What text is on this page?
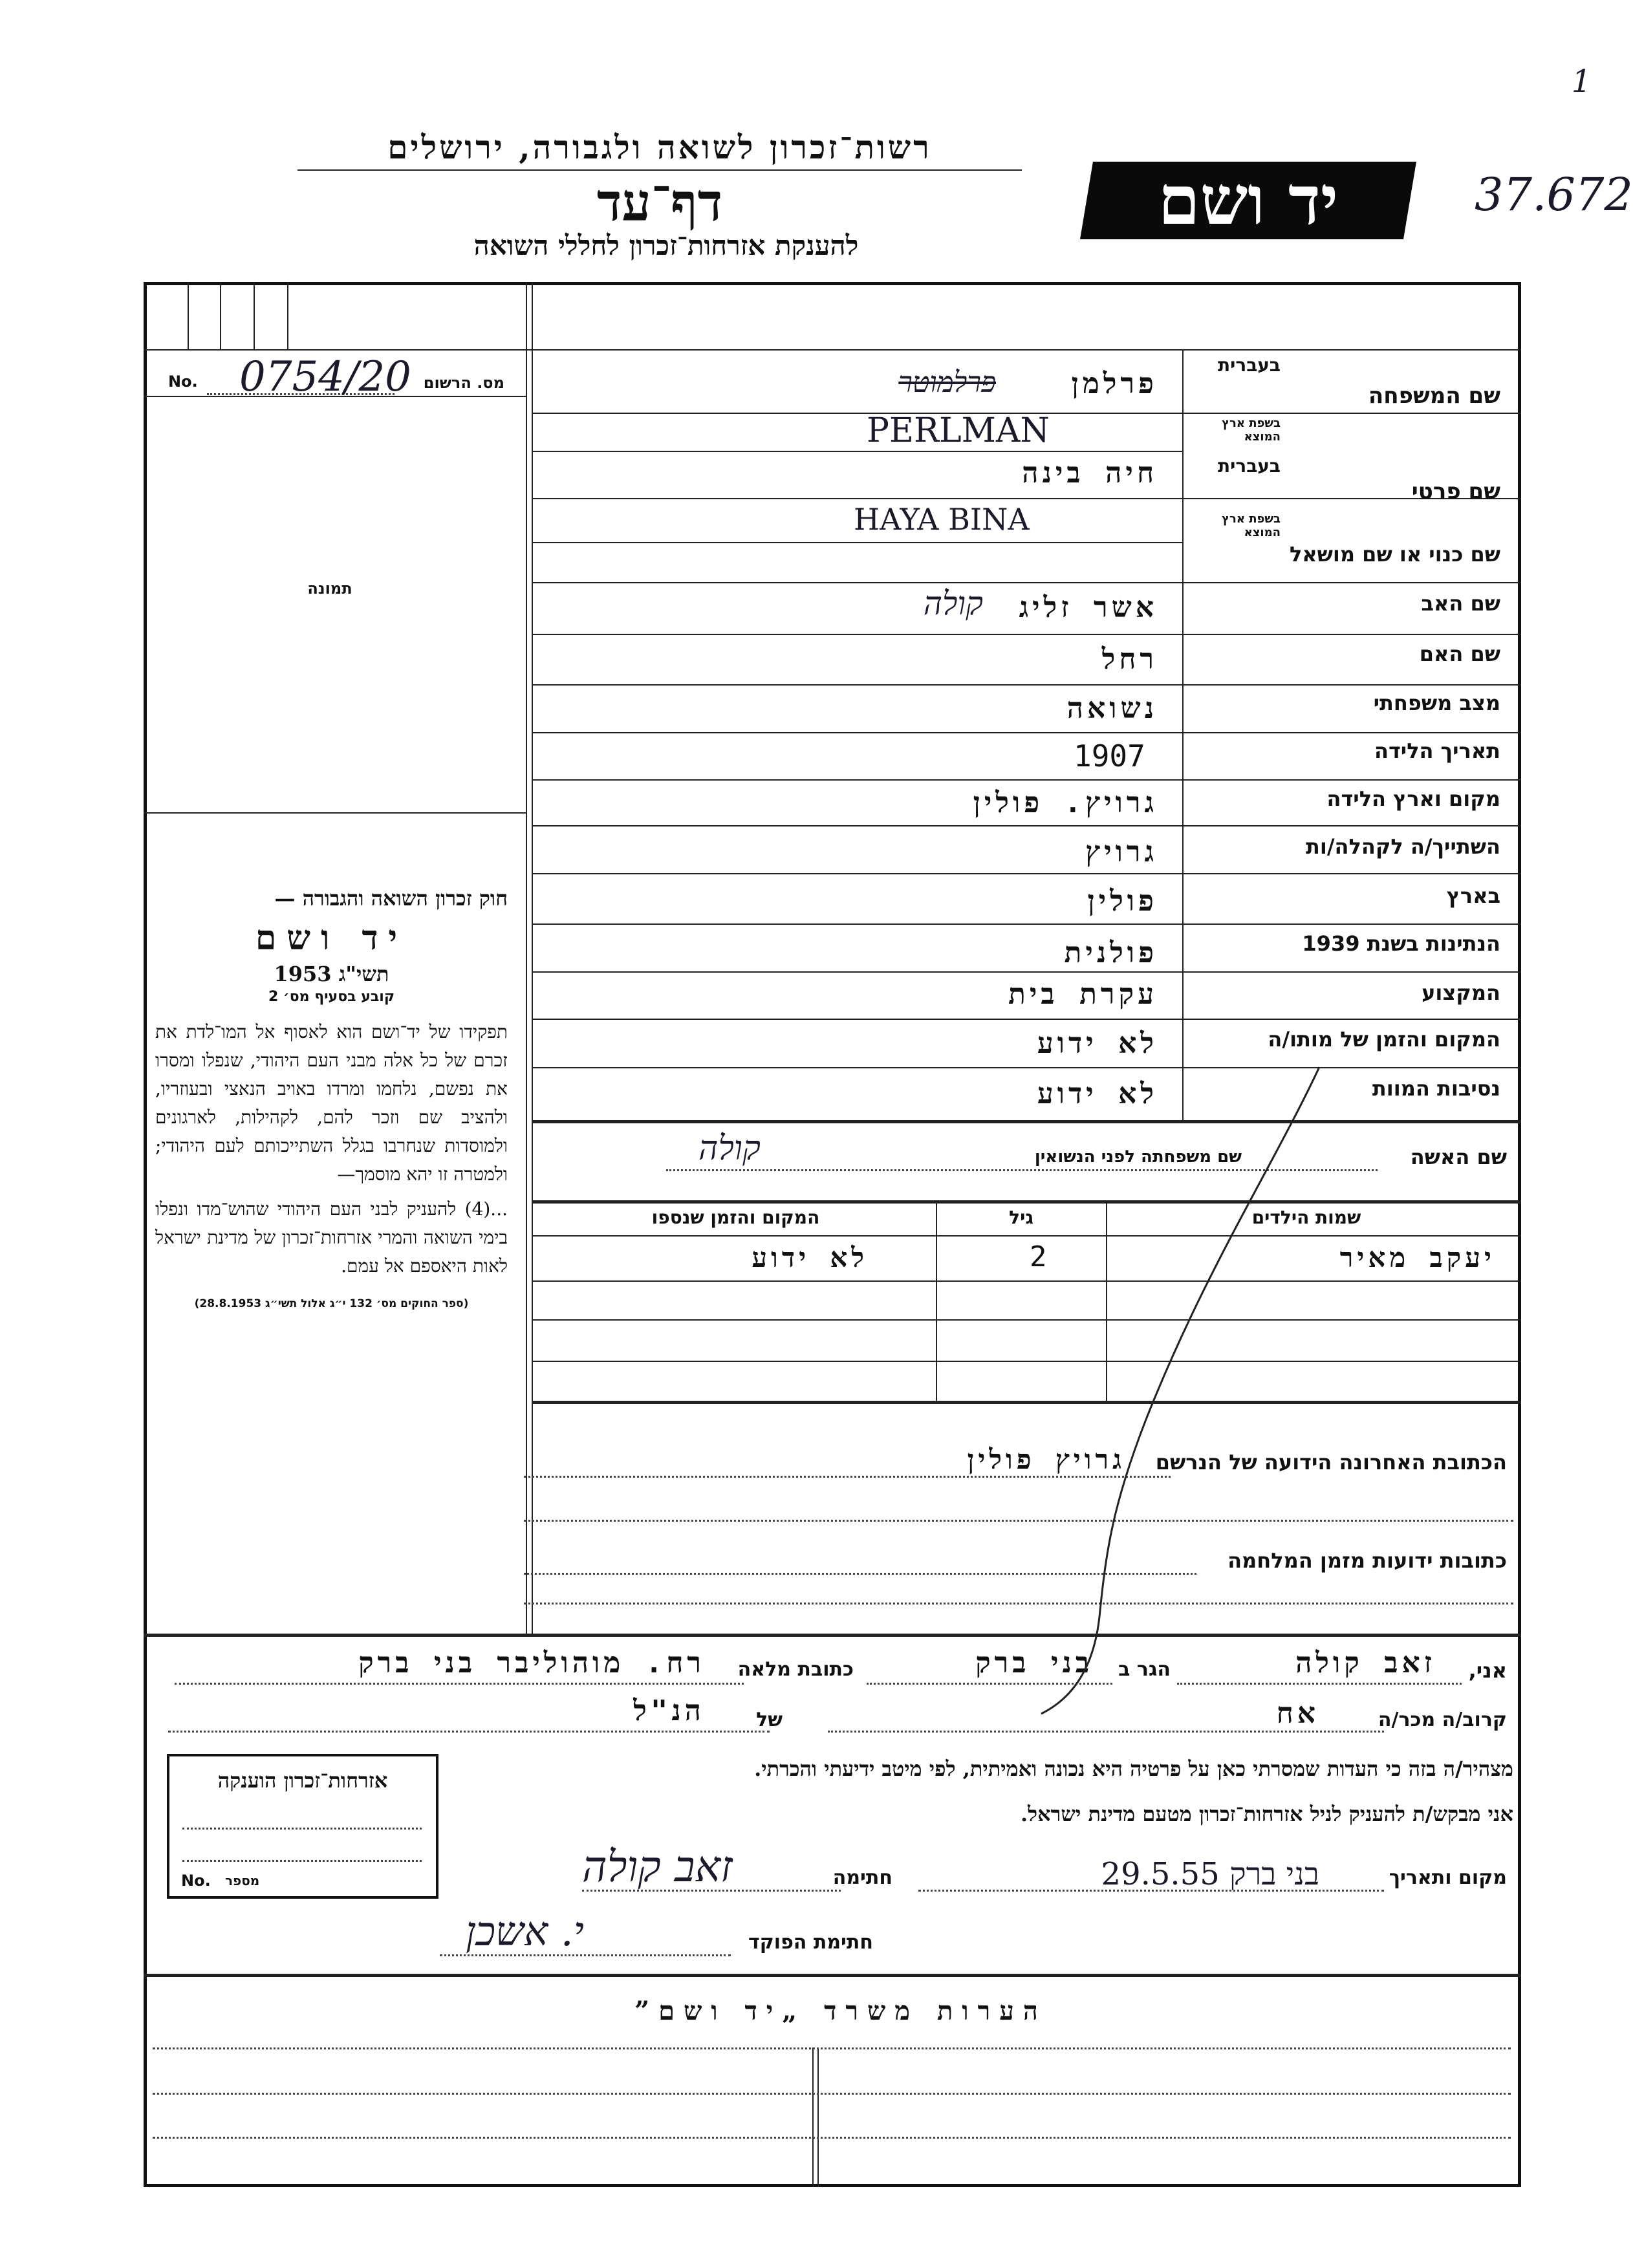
1
37.672
יד ושם
רשות־זכרון לשואה ולגבורה, ירושלים
דף־עד
להענקת אזרחות־זכרון לחללי השואה
No. 0754/20 מס. הרשום
תמונה
חוק זכרון השואה והגבורה —
יד ושם
תשי"ג 1953
קובע בסעיף מס׳ 2
תפקידו של יד־ושם הוא לאסוף אל המו־לדת את זכרם של כל אלה מבני העם היהודי, שנפלו ומסרו את נפשם, נלחמו ומרדו באויב הנאצי ובעוזריו, ולהציב שם וזכר להם, לקהילות, לארגונים ולמוסדות שנחרבו בגלל השתייכותם לעם היהודי; ולמטרה זו יהא מוסמך—
...(4) להעניק לבני העם היהודי שהוש־מדו ונפלו בימי השואה והמרי אזרחות־זכרון של מדינת ישראל לאות היאספם אל עמם.
(ספר החוקים מס׳ 132 י״ג אלול תשי״ג 28.8.1953)
בעברית
בשפת ארץ המוצא
שם המשפחה
בעברית
בשפת ארץ המוצא
שם פרטי
שם כנוי או שם מושאל
שם האב
שם האם
מצב משפחתי
תאריך הלידה
מקום וארץ הלידה
השתייך/ה לקהלה/ות
בארץ
הנתינות בשנת 1939
המקצוע
המקום והזמן של מותו/ה
נסיבות המוות
פרלמן
פרלמוטר
PERLMAN
חיה בינה
HAYA BINA
אשר זליג
קולה
רחל
נשואה
1907
גרויץ. פולין
גרויץ
פולין
פולנית
עקרת בית
לא ידוע
לא ידוע
שם האשה
שם משפחתה לפני הנשואין
קולה
שמות הילדים
גיל
המקום והזמן שנספו
יעקב מאיר
2
לא ידוע
הכתובת האחרונה הידועה של הנרשם
גרויץ פולין
כתובות ידועות מזמן המלחמה
אני,
זאב קולה
הגר ב
בני ברק
כתובת מלאה
רח. מוהוליבר בני ברק
קרוב/ה מכר/ה
אח
של
הנ"ל
מצהיר/ה בזה כי העדות שמסרתי כאן על פרטיה היא נכונה ואמיתית, לפי מיטב ידיעתי והכרתי.
אני מבקש/ת להעניק לניל אזרחות־זכרון מטעם מדינת ישראל.
מקום ותאריך
בני ברק 29.5.55
חתימה
זאב קולה
חתימת הפוקד
י. אשכן
אזרחות־זכרון הוענקה
No. מספר
הערות משרד „יד ושם”
